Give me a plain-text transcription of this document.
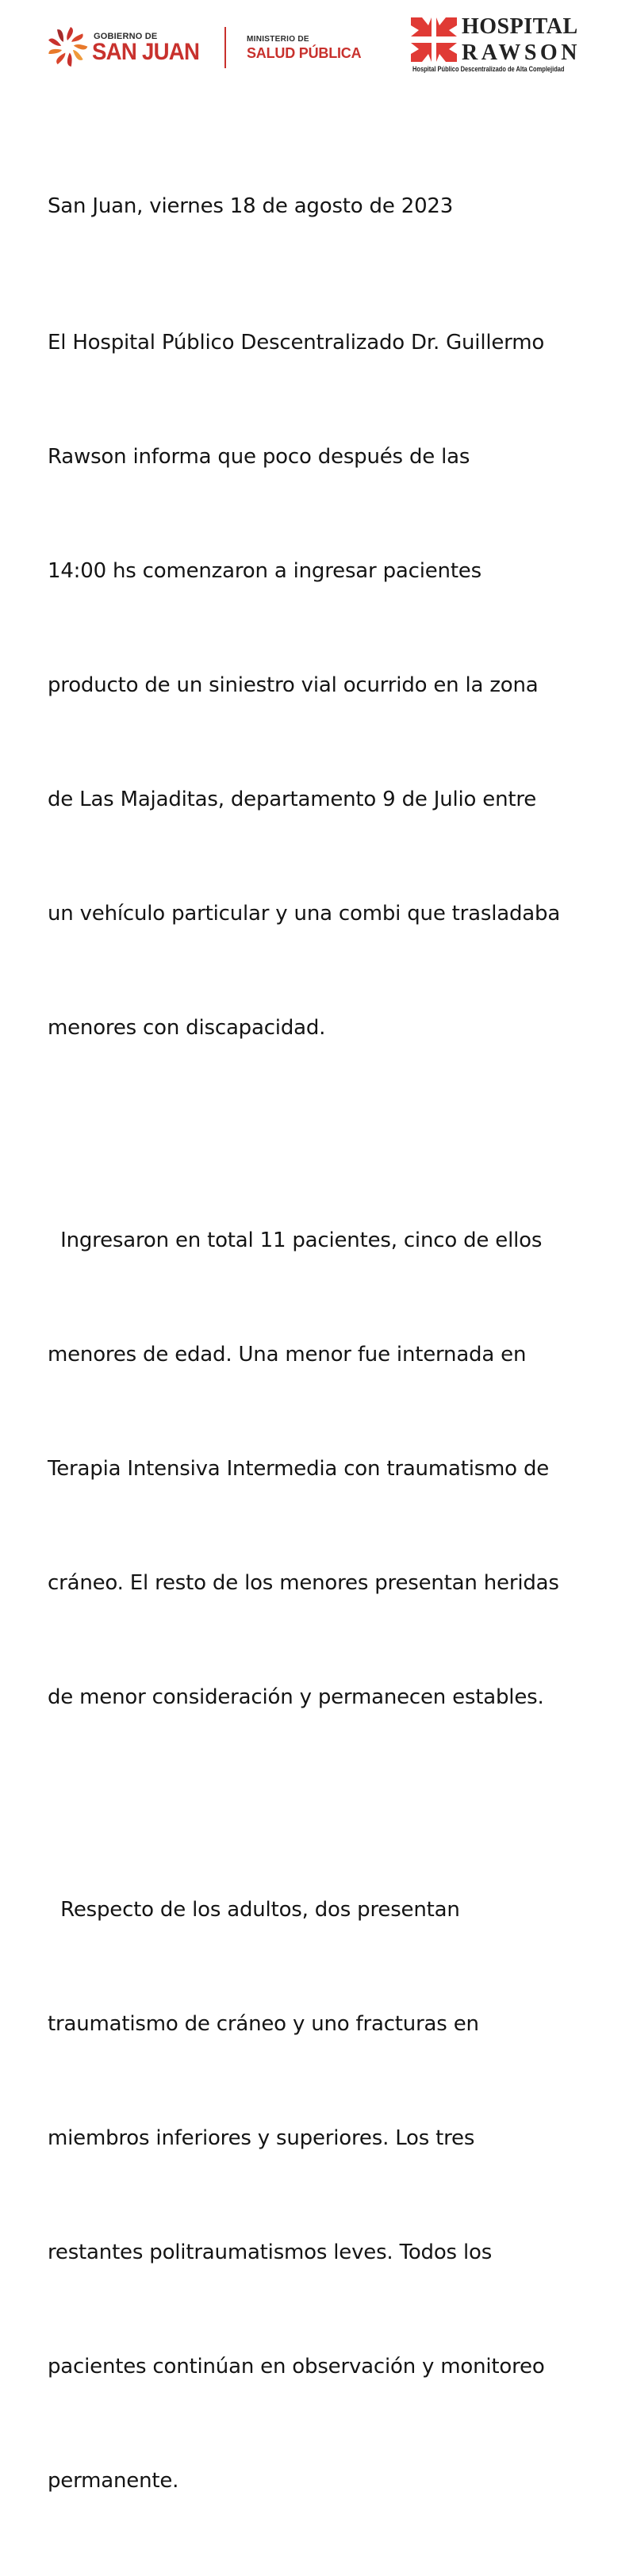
GOBIERNO DE
SAN JUAN	MINISTERIO DE
SALUD PÚBLICA
HOSPITAL
RAWSON
Hospital Público Descentralizado de Alta Complejidad

San Juan, viernes 18 de agosto de 2023

El Hospital Público Descentralizado Dr. Guillermo

Rawson informa que poco después de las

14:00 hs comenzaron a ingresar pacientes

producto de un siniestro vial ocurrido en la zona

de Las Majaditas, departamento 9 de Julio entre

un vehículo particular y una combi que trasladaba

menores con discapacidad.

Ingresaron en total 11 pacientes, cinco de ellos

menores de edad. Una menor fue internada en

Terapia Intensiva Intermedia con traumatismo de

cráneo. El resto de los menores presentan heridas

de menor consideración y permanecen estables.

Respecto de los adultos, dos presentan

traumatismo de cráneo y uno fracturas en

miembros inferiores y superiores. Los tres

restantes politraumatismos leves. Todos los

pacientes continúan en observación y monitoreo

permanente.
